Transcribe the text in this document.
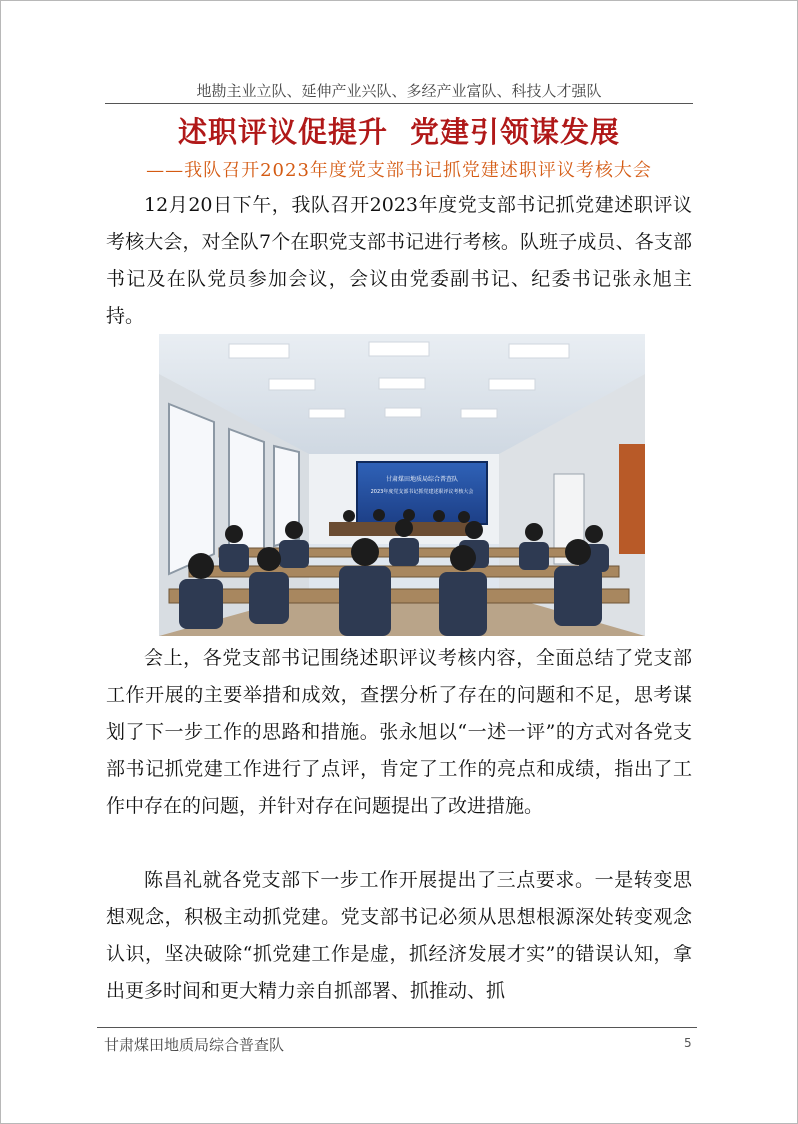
地勘主业立队、延伸产业兴队、多经产业富队、科技人才强队
述职评议促提升 党建引领谋发展
——我队召开2023年度党支部书记抓党建述职评议考核大会

12月20日下午，我队召开2023年度党支部书记抓党建述职评议考核大会，对全队7个在职党支部书记进行考核。队班子成员、各支部书记及在队党员参加会议，会议由党委副书记、纪委书记张永旭主持。

甘肃煤田地质局综合普查队
2023年度党支部书记抓党建述职评议考核大会

会上，各党支部书记围绕述职评议考核内容，全面总结了党支部工作开展的主要举措和成效，查摆分析了存在的问题和不足，思考谋划了下一步工作的思路和措施。张永旭以“一述一评”的方式对各党支部书记抓党建工作进行了点评，肯定了工作的亮点和成绩，指出了工作中存在的问题，并针对存在问题提出了改进措施。

陈昌礼就各党支部下一步工作开展提出了三点要求。一是转变思想观念，积极主动抓党建。党支部书记必须从思想根源深处转变观念认识，坚决破除“抓党建工作是虚，抓经济发展才实”的错误认知，拿出更多时间和更大精力亲自抓部署、抓推动、抓

甘肃煤田地质局综合普查队	5
